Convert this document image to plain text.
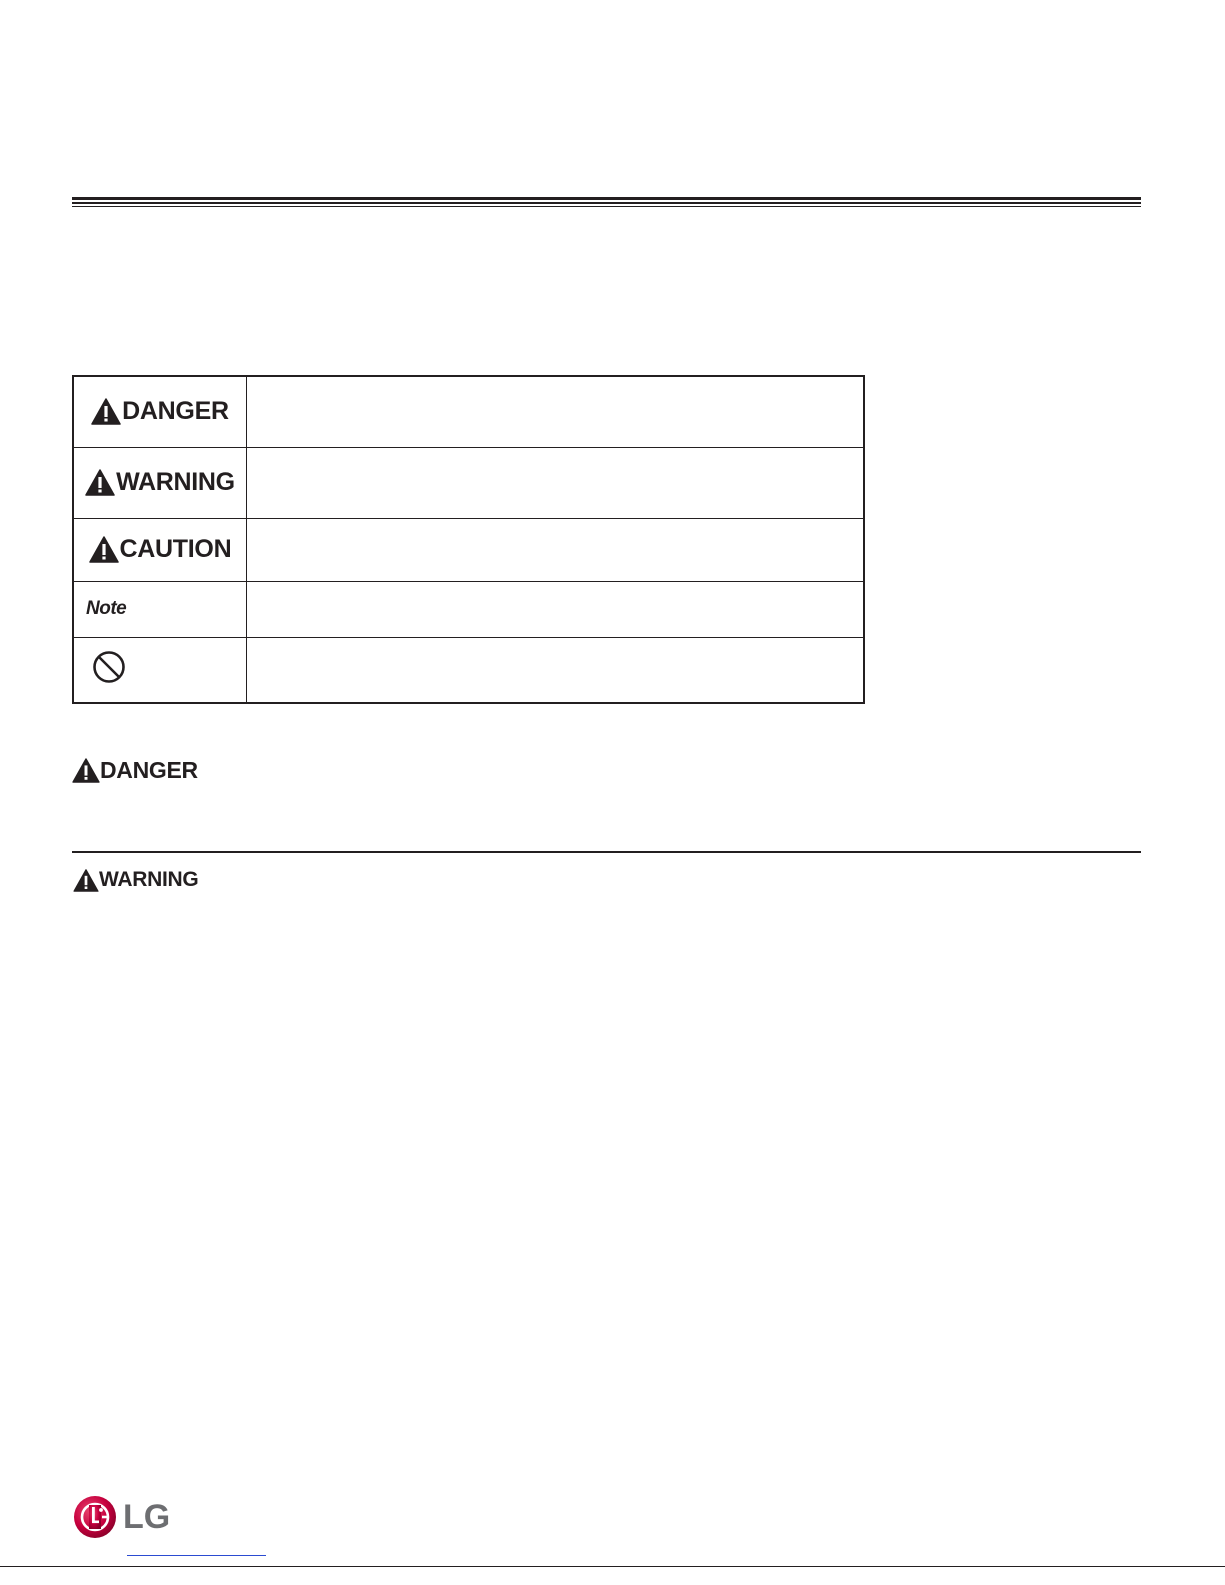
DANGER	

WARNING	

CAUTION	

Note	

DANGER
WARNING
LG
